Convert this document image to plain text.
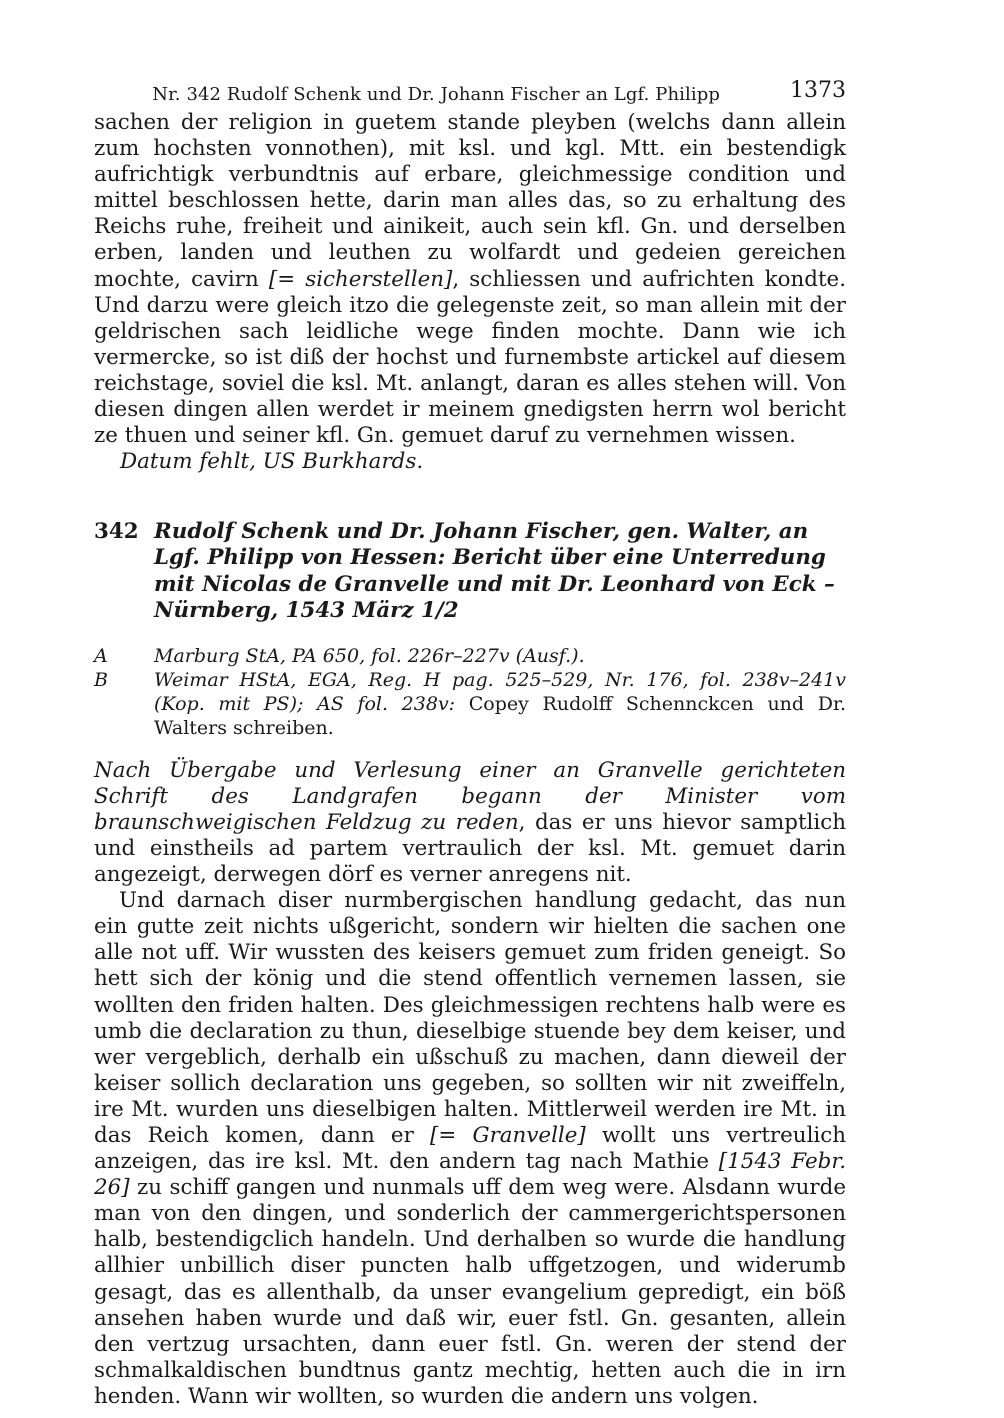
Nr. 342 Rudolf Schenk und Dr. Johann Fischer an Lgf. Philipp	1373

sachen der religion in guetem stande pleyben (welchs dann allein zum hochsten vonnothen), mit ksl. und kgl. Mtt. ein bestendigk aufrichtigk verbundtnis auf erbare, gleichmessige condition und mittel beschlossen hette, darin man alles das, so zu erhaltung des Reichs ruhe, freiheit und ainikeit, auch sein kfl. Gn. und derselben erben, landen und leuthen zu wolfardt und gedeien gereichen mochte, cavirn [= sicherstellen], schliessen und aufrichten kondte. Und darzu were gleich itzo die gelegenste zeit, so man allein mit der geldrischen sach leidliche wege finden mochte. Dann wie ich vermercke, so ist diß der hochst und furnembste artickel auf diesem reichstage, soviel die ksl. Mt. anlangt, daran es alles stehen will. Von diesen dingen allen werdet ir meinem gnedigsten herrn wol bericht ze thuen und seiner kfl. Gn. gemuet daruf zu vernehmen wissen.

Datum fehlt, US Burkhards.

342 Rudolf Schenk und Dr. Johann Fischer, gen. Walter, an Lgf. Philipp von Hessen: Bericht über eine Unterredung mit Nicolas de Granvelle und mit Dr. Leonhard von Eck – Nürnberg, 1543 März 1/2
A	Marburg StA, PA 650, fol. 226r–227v (Ausf.).
B	Weimar HStA, EGA, Reg. H pag. 525–529, Nr. 176, fol. 238v–241v (Kop. mit PS); AS fol. 238v: Copey Rudolff Schennckcen und Dr. Walters schreiben.

Nach Übergabe und Verlesung einer an Granvelle gerichteten Schrift des Landgrafen begann der Minister vom braunschweigischen Feldzug zu reden, das er uns hievor samptlich und einstheils ad partem vertraulich der ksl. Mt. gemuet darin angezeigt, derwegen dörf es verner anregens nit.

Und darnach diser nurmbergischen handlung gedacht, das nun ein gutte zeit nichts ußgericht, sondern wir hielten die sachen one alle not uff. Wir wussten des keisers gemuet zum friden geneigt. So hett sich der könig und die stend offentlich vernemen lassen, sie wollten den friden halten. Des gleichmessigen rechtens halb were es umb die declaration zu thun, dieselbige stuende bey dem keiser, und wer vergeblich, derhalb ein ußschuß zu machen, dann dieweil der keiser sollich declaration uns gegeben, so sollten wir nit zweiffeln, ire Mt. wurden uns dieselbigen halten. Mittlerweil werden ire Mt. in das Reich komen, dann er [= Granvelle] wollt uns vertreulich anzeigen, das ire ksl. Mt. den andern tag nach Mathie [1543 Febr. 26] zu schiff gangen und nunmals uff dem weg were. Alsdann wurde man von den dingen, und sonderlich der cammergerichtspersonen halb, bestendigclich handeln. Und derhalben so wurde die handlung allhier unbillich diser puncten halb uffgetzogen, und widerumb gesagt, das es allenthalb, da unser evangelium gepredigt, ein böß ansehen haben wurde und daß wir, euer fstl. Gn. gesanten, allein den vertzug ursachten, dann euer fstl. Gn. weren der stend der schmalkaldischen bundtnus gantz mechtig, hetten auch die in irn henden. Wann wir wollten, so wurden die andern uns volgen.
